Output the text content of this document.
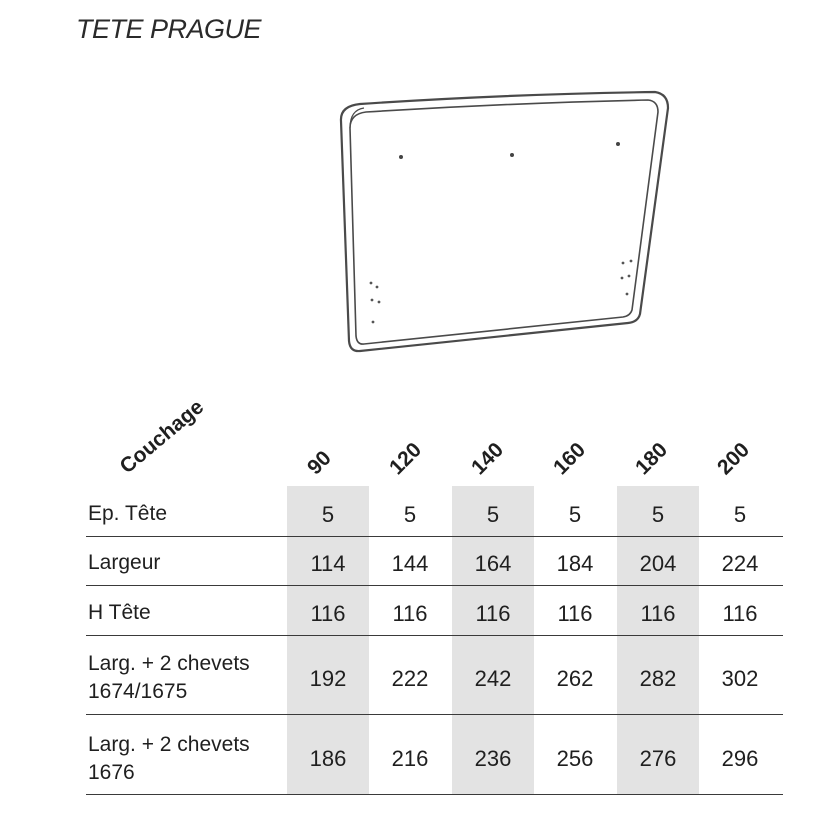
TETE PRAGUE
Couchage	90	120 140 160 180 200
Ep. Tête	5	5	5	5	5	5
Largeur	114	144	164	184	204	224
H Tête	116	116	116	116	116	116
Larg. + 2 chevets
1674/1675
192	222	242	262	282	302
Larg. + 2 chevets
1676
186	216	236	256	276	296
